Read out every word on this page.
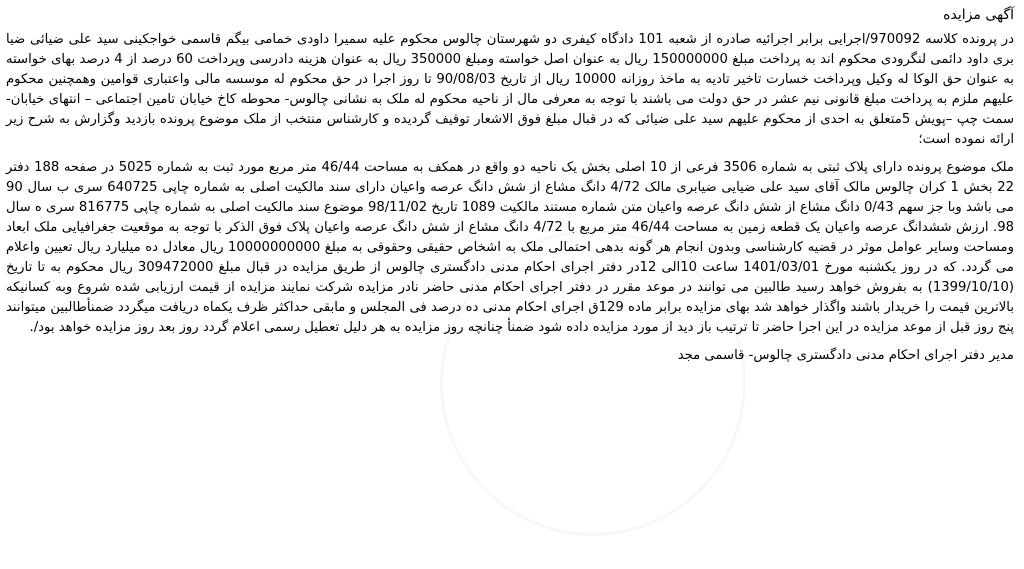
آگهی مزایده
در پرونده کلاسه 970092/اجرایی برابر اجرائیه صادره از شعبه 101 دادگاه کیفری دو شهرستان چالوس محکوم علیه سمیرا داودی خمامی بیگم قاسمی خواجکینی سید علی ضیائی ضیا بری داود دائمی لنگرودی محکوم اند به پرداخت مبلغ 150000000 ریال به عنوان اصل خواسته ومبلغ 350000 ریال به عنوان هزینه دادرسی وپرداخت 60 درصد از 4 درصد بهای خواسته به عنوان حق الوکا له وکیل وپرداخت خسارت تاخیر تادیه به ماخذ روزانه 10000 ریال از تاریخ 90/08/03 تا روز اجرا در حق محکوم له موسسه مالی واعتباری قوامین وهمچنین محکوم علیهم ملزم به پرداخت مبلغ قانونی نیم عشر در حق دولت می باشند با توجه به معرفی مال از ناحیه محکوم له ملک به نشانی چالوس- محوطه کاخ خیابان تامین اجتماعی – انتهای خیابان- سمت چپ –پویش 5متعلق به احدی از محکوم علیهم سید علی ضیائی که در قبال مبلغ فوق الاشعار توقیف گردیده و کارشناس منتخب از ملک موضوع پرونده بازدید وگزارش به شرح زیر ارائه نموده است؛
ملک موضوع پرونده دارای پلاک ثبتی به شماره 3506 فرعی از 10 اصلی بخش یک ناحیه دو واقع در همکف به مساحت 46/44 متر مربع مورد ثبت به شماره 5025 در صفحه 188 دفتر 22 بخش 1 کران چالوس مالک آقای سید علی ضیایی ضیابری مالک 4/72 دانگ مشاع از شش دانگ عرصه واعیان دارای سند مالکیت اصلی به شماره چاپی 640725 سری ب سال 90 می باشد وبا جز سهم 0/43 دانگ مشاع از شش دانگ عرصه واعیان متن شماره مستند مالکیت 1089 تاریخ 98/11/02 موضوع سند مالکیت اصلی به شماره چاپی 816775 سری ه سال 98. ارزش ششدانگ عرصه واعیان یک قطعه زمین به مساحت 46/44 متر مربع با 4/72 دانگ مشاع از شش دانگ عرصه واعیان پلاک فوق الذکر با توجه به موقعیت جغرافیایی ملک ابعاد ومساحت وسایر عوامل موثر در قضیه کارشناسی وبدون انجام هر گونه بدهی احتمالی ملک به اشخاص حقیقی وحقوقی به مبلغ 10000000000 ریال معادل ده میلیارد ریال تعیین واعلام می گردد. که در روز یکشنبه مورخ 1401/03/01 ساعت 10الی 12در دفتر اجرای احکام مدنی دادگستری چالوس از طریق مزایده در قبال مبلغ 309472000 ریال محکوم به تا تاریخ (1399/10/10) به بفروش خواهد رسید طالبین می توانند در موعد مقرر در دفتر اجرای احکام مدنی حاضر نادر مزایده شرکت نمایند مزایده از قیمت ارزیابی شده شروع وبه کسانیکه بالاترین قیمت را خریدار باشند واگذار خواهد شد بهای مزایده برابر ماده 129ق اجرای احکام مدنی ده درصد فی المجلس و مابقی حداکثر ظرف یکماه دریافت میگردد ضمنأطالبین میتوانند پنج روز قبل از موعد مزایده در این اجرا حاضر تا ترتیب باز دید از مورد مزایده داده شود ضمنأ چنانچه روز مزایده به هر دلیل تعطیل رسمی اعلام گردد روز بعد روز مزایده خواهد بود/.
مدیر دفتر اجرای احکام مدنی دادگستری چالوس- قاسمی مجد
